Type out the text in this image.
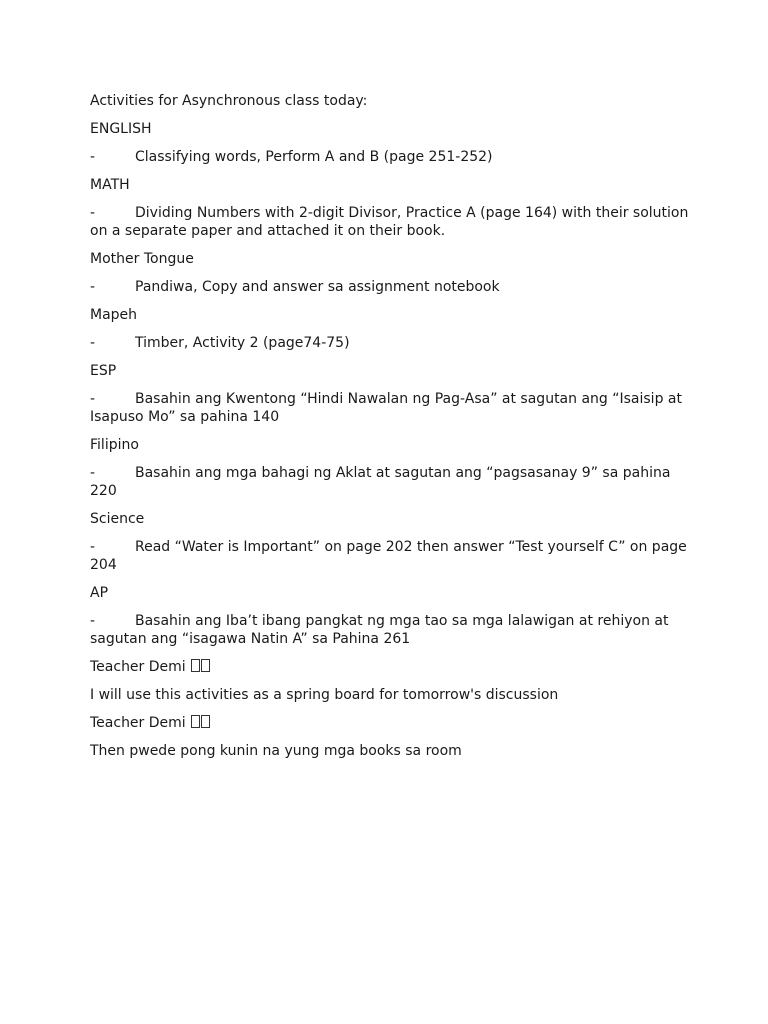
Activities for Asynchronous class today:

ENGLISH

-	Classifying words, Perform A and B (page 251-252)

MATH

-	Dividing Numbers with 2-digit Divisor, Practice A (page 164) with their solution on a separate paper and attached it on their book.

Mother Tongue

-	Pandiwa, Copy and answer sa assignment notebook

Mapeh

-	Timber, Activity 2 (page74-75)

ESP

-	Basahin ang Kwentong “Hindi Nawalan ng Pag-Asa” at sagutan ang “Isaisip at Isapuso Mo” sa pahina 140

Filipino

-	Basahin ang mga bahagi ng Aklat at sagutan ang “pagsasanay 9” sa pahina 220

Science

-	Read “Water is Important” on page 202 then answer “Test yourself C” on page 204

AP

-	Basahin ang Iba’t ibang pangkat ng mga tao sa mga lalawigan at rehiyon at sagutan ang “isagawa Natin A” sa Pahina 261

Teacher Demi

I will use this activities as a spring board for tomorrow's discussion

Teacher Demi

Then pwede pong kunin na yung mga books sa room
